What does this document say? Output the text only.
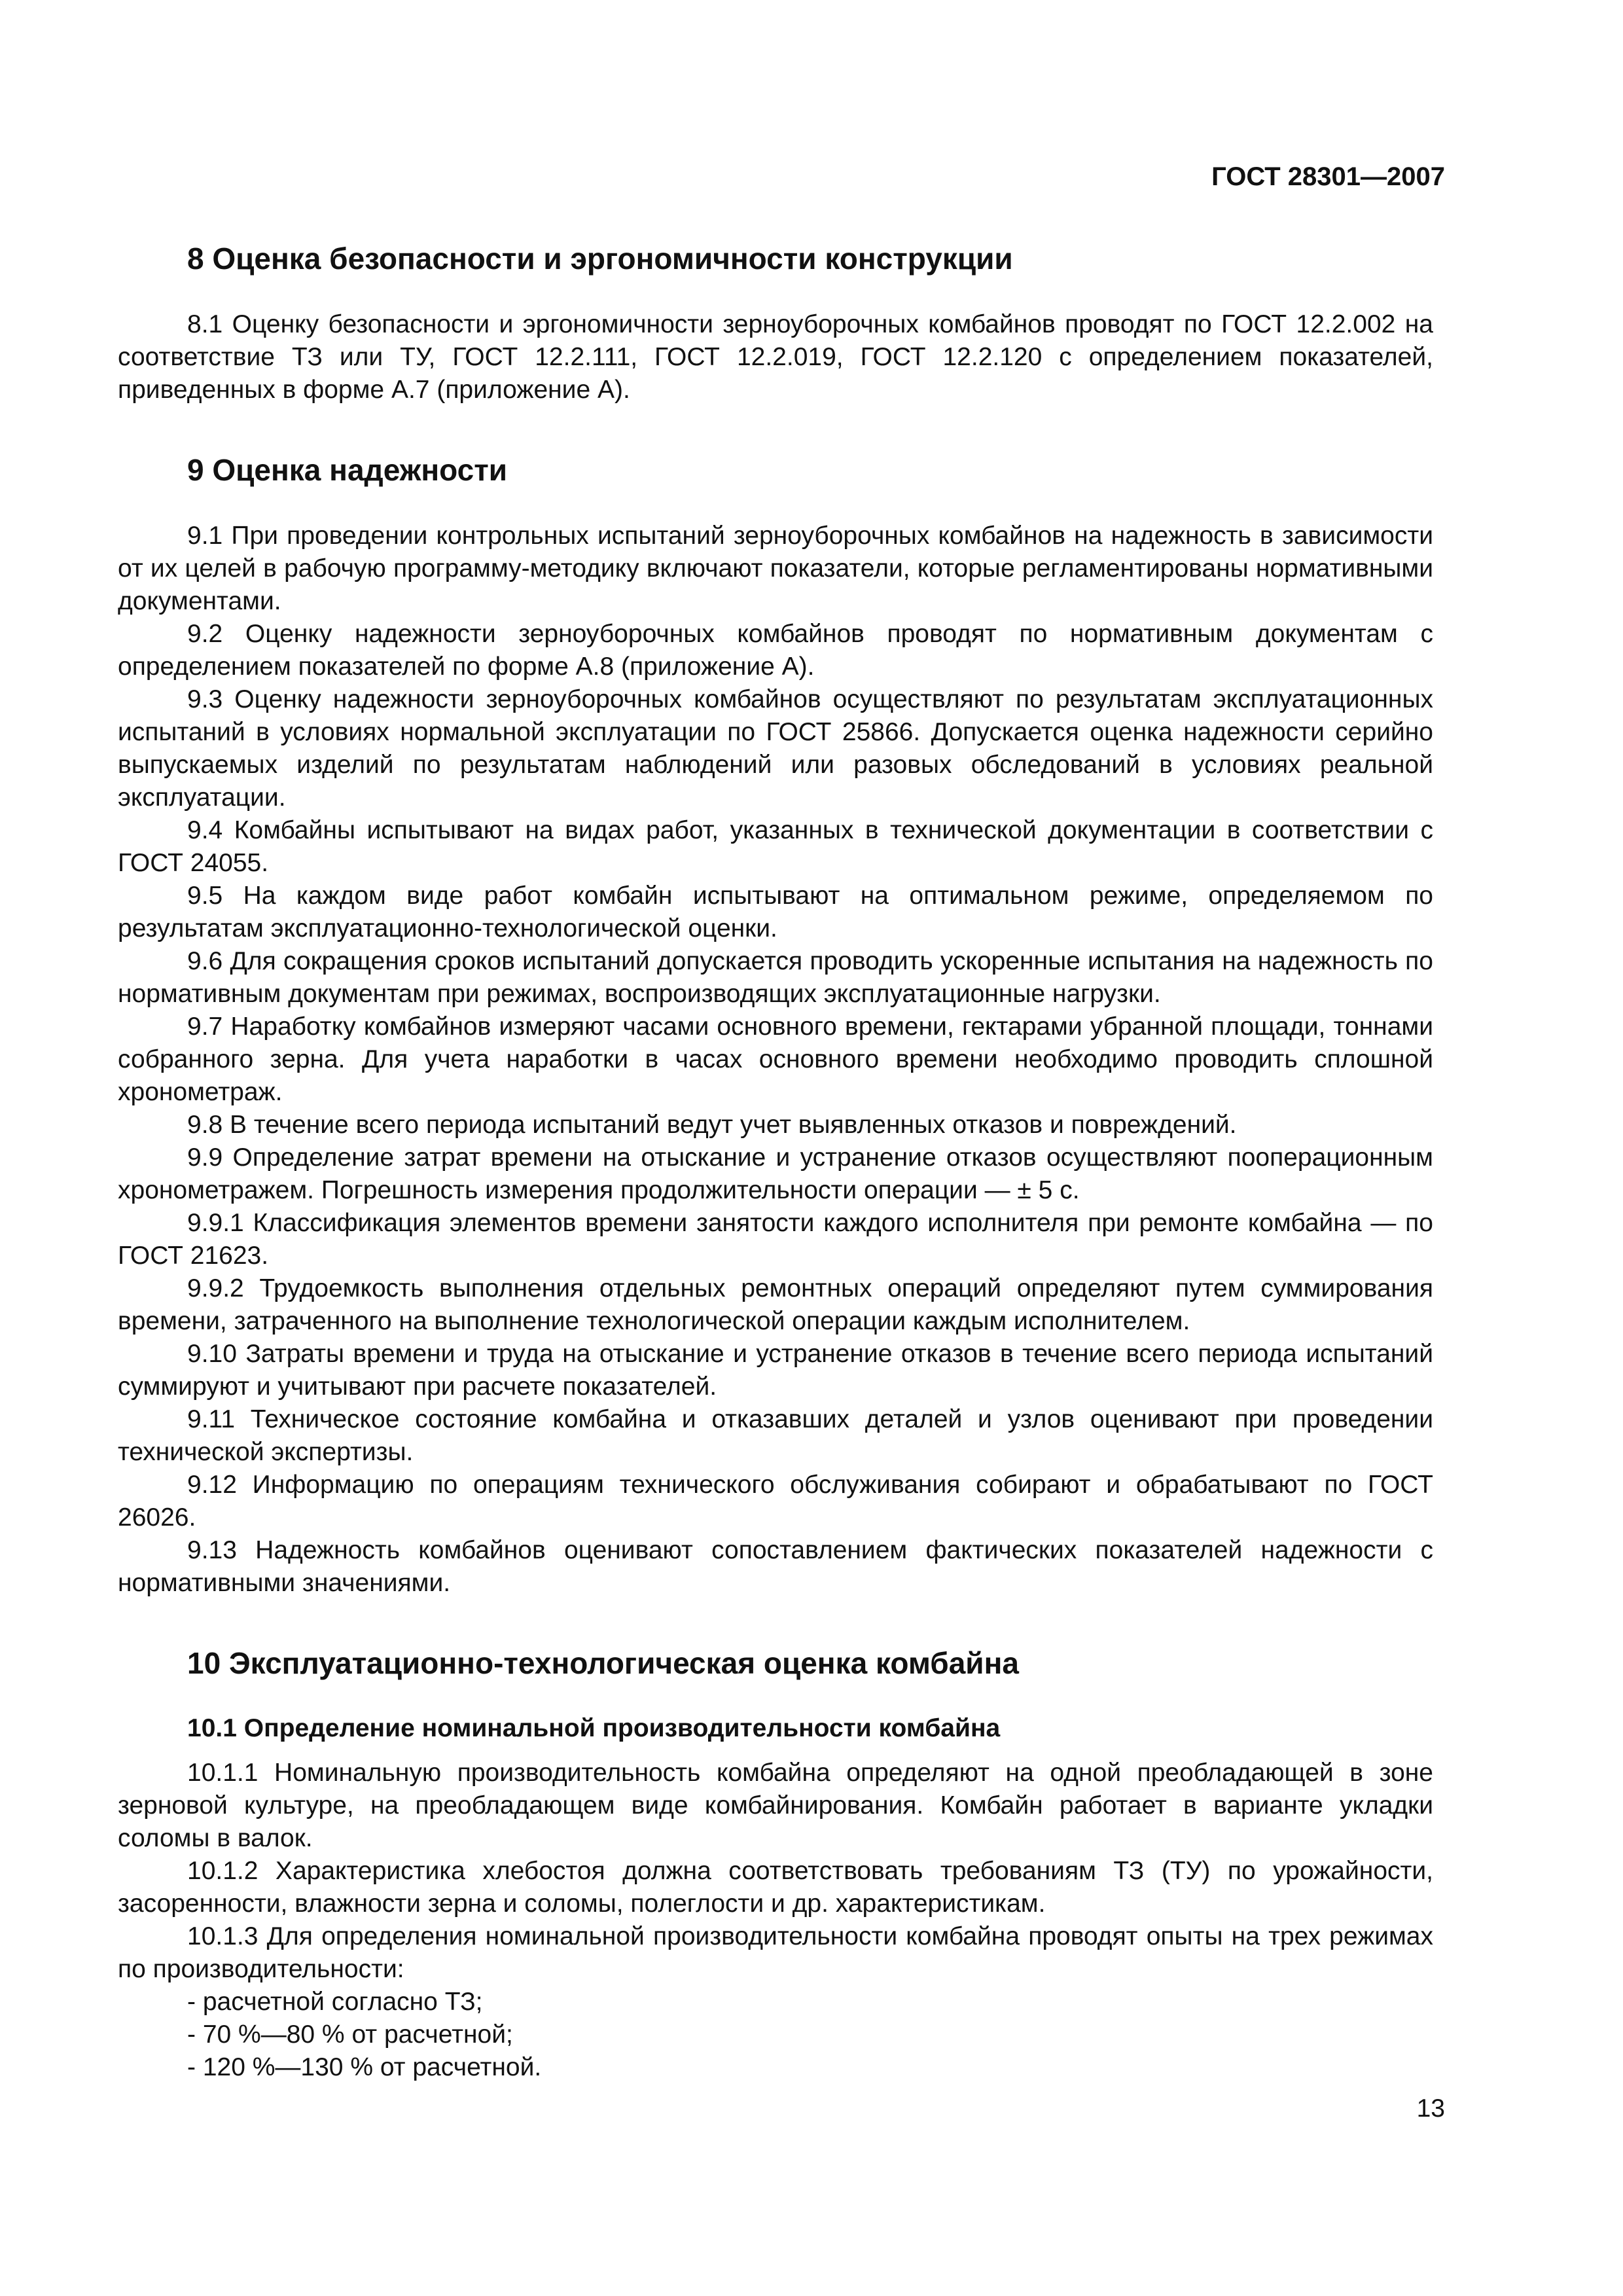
ГОСТ 28301—2007
8 Оценка безопасности и эргономичности конструкции

8.1 Оценку безопасности и эргономичности зерноуборочных комбайнов проводят по ГОСТ 12.2.002 на соответствие ТЗ или ТУ, ГОСТ 12.2.111, ГОСТ 12.2.019, ГОСТ 12.2.120 с определением показателей, приведенных в форме А.7 (приложение А).

9 Оценка надежности

9.1 При проведении контрольных испытаний зерноуборочных комбайнов на надежность в зависимости от их целей в рабочую программу-методику включают показатели, которые регламентированы нормативными документами.

9.2 Оценку надежности зерноуборочных комбайнов проводят по нормативным документам с определением показателей по форме А.8 (приложение А).

9.3 Оценку надежности зерноуборочных комбайнов осуществляют по результатам эксплуатационных испытаний в условиях нормальной эксплуатации по ГОСТ 25866. Допускается оценка надежности серийно выпускаемых изделий по результатам наблюдений или разовых обследований в условиях реальной эксплуатации.

9.4 Комбайны испытывают на видах работ, указанных в технической документации в соответствии с ГОСТ 24055.

9.5 На каждом виде работ комбайн испытывают на оптимальном режиме, определяемом по результатам эксплуатационно-технологической оценки.

9.6 Для сокращения сроков испытаний допускается проводить ускоренные испытания на надежность по нормативным документам при режимах, воспроизводящих эксплуатационные нагрузки.

9.7 Наработку комбайнов измеряют часами основного времени, гектарами убранной площади, тоннами собранного зерна. Для учета наработки в часах основного времени необходимо проводить сплошной хронометраж.

9.8 В течение всего периода испытаний ведут учет выявленных отказов и повреждений.

9.9 Определение затрат времени на отыскание и устранение отказов осуществляют пооперационным хронометражем. Погрешность измерения продолжительности операции — ± 5 с.

9.9.1 Классификация элементов времени занятости каждого исполнителя при ремонте комбайна — по ГОСТ 21623.

9.9.2 Трудоемкость выполнения отдельных ремонтных операций определяют путем суммирования времени, затраченного на выполнение технологической операции каждым исполнителем.

9.10 Затраты времени и труда на отыскание и устранение отказов в течение всего периода испытаний суммируют и учитывают при расчете показателей.

9.11 Техническое состояние комбайна и отказавших деталей и узлов оценивают при проведении технической экспертизы.

9.12 Информацию по операциям технического обслуживания собирают и обрабатывают по ГОСТ 26026.

9.13 Надежность комбайнов оценивают сопоставлением фактических показателей надежности с нормативными значениями.

10 Эксплуатационно-технологическая оценка комбайна
10.1 Определение номинальной производительности комбайна

10.1.1 Номинальную производительность комбайна определяют на одной преобладающей в зоне зерновой культуре, на преобладающем виде комбайнирования. Комбайн работает в варианте укладки соломы в валок.

10.1.2 Характеристика хлебостоя должна соответствовать требованиям ТЗ (ТУ) по урожайности, засоренности, влажности зерна и соломы, полеглости и др. характеристикам.

10.1.3 Для определения номинальной производительности комбайна проводят опыты на трех режимах по производительности:

- расчетной согласно ТЗ;
- 70 %—80 % от расчетной;
- 120 %—130 % от расчетной.
13
